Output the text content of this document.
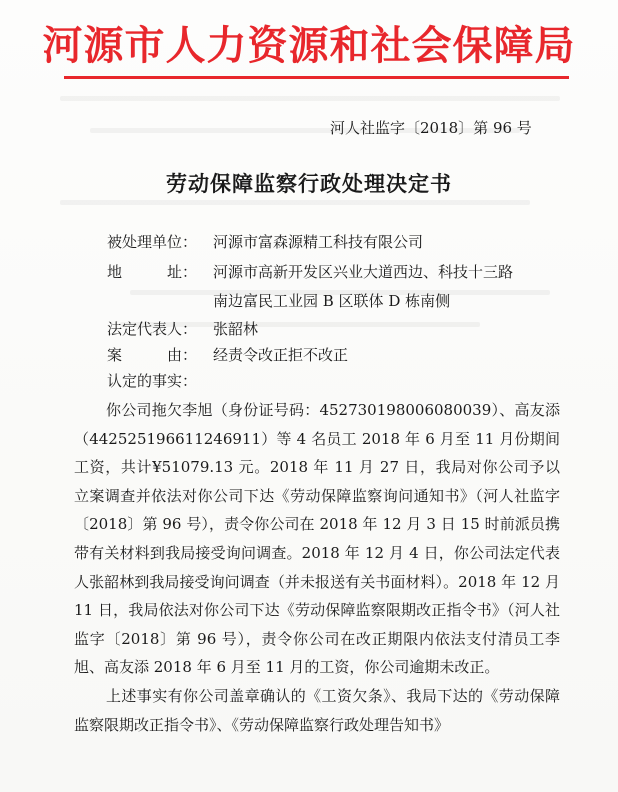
河源市人力资源和社会保障局
河人社监字〔2018〕第 96 号
劳动保障监察行政处理决定书
被处理单位： 河源市富森源精工科技有限公司
地　　　址： 河源市高新开发区兴业大道西边、科技十三路
南边富民工业园 B 区联体 D 栋南侧
法定代表人： 张韶林
案　　　由： 经责令改正拒不改正
认定的事实：

你公司拖欠李旭（身份证号码：452730198006080039）、高友添（442525196611246911）等 4 名员工 2018 年 6 月至 11 月份期间工资，共计¥51079.13 元。2018 年 11 月 27 日，我局对你公司予以立案调查并依法对你公司下达《劳动保障监察询问通知书》（河人社监字〔2018〕第 96 号），责令你公司在 2018 年 12 月 3 日 15 时前派员携带有关材料到我局接受询问调查。2018 年 12 月 4 日，你公司法定代表人张韶林到我局接受询问调查（并未报送有关书面材料）。2018 年 12 月 11 日，我局依法对你公司下达《劳动保障监察限期改正指令书》（河人社监字〔2018〕第 96 号），责令你公司在改正期限内依法支付清员工李旭、高友添 2018 年 6 月至 11 月的工资，你公司逾期未改正。

上述事实有你公司盖章确认的《工资欠条》、我局下达的《劳动保障监察限期改正指令书》、《劳动保障监察行政处理告知书》
